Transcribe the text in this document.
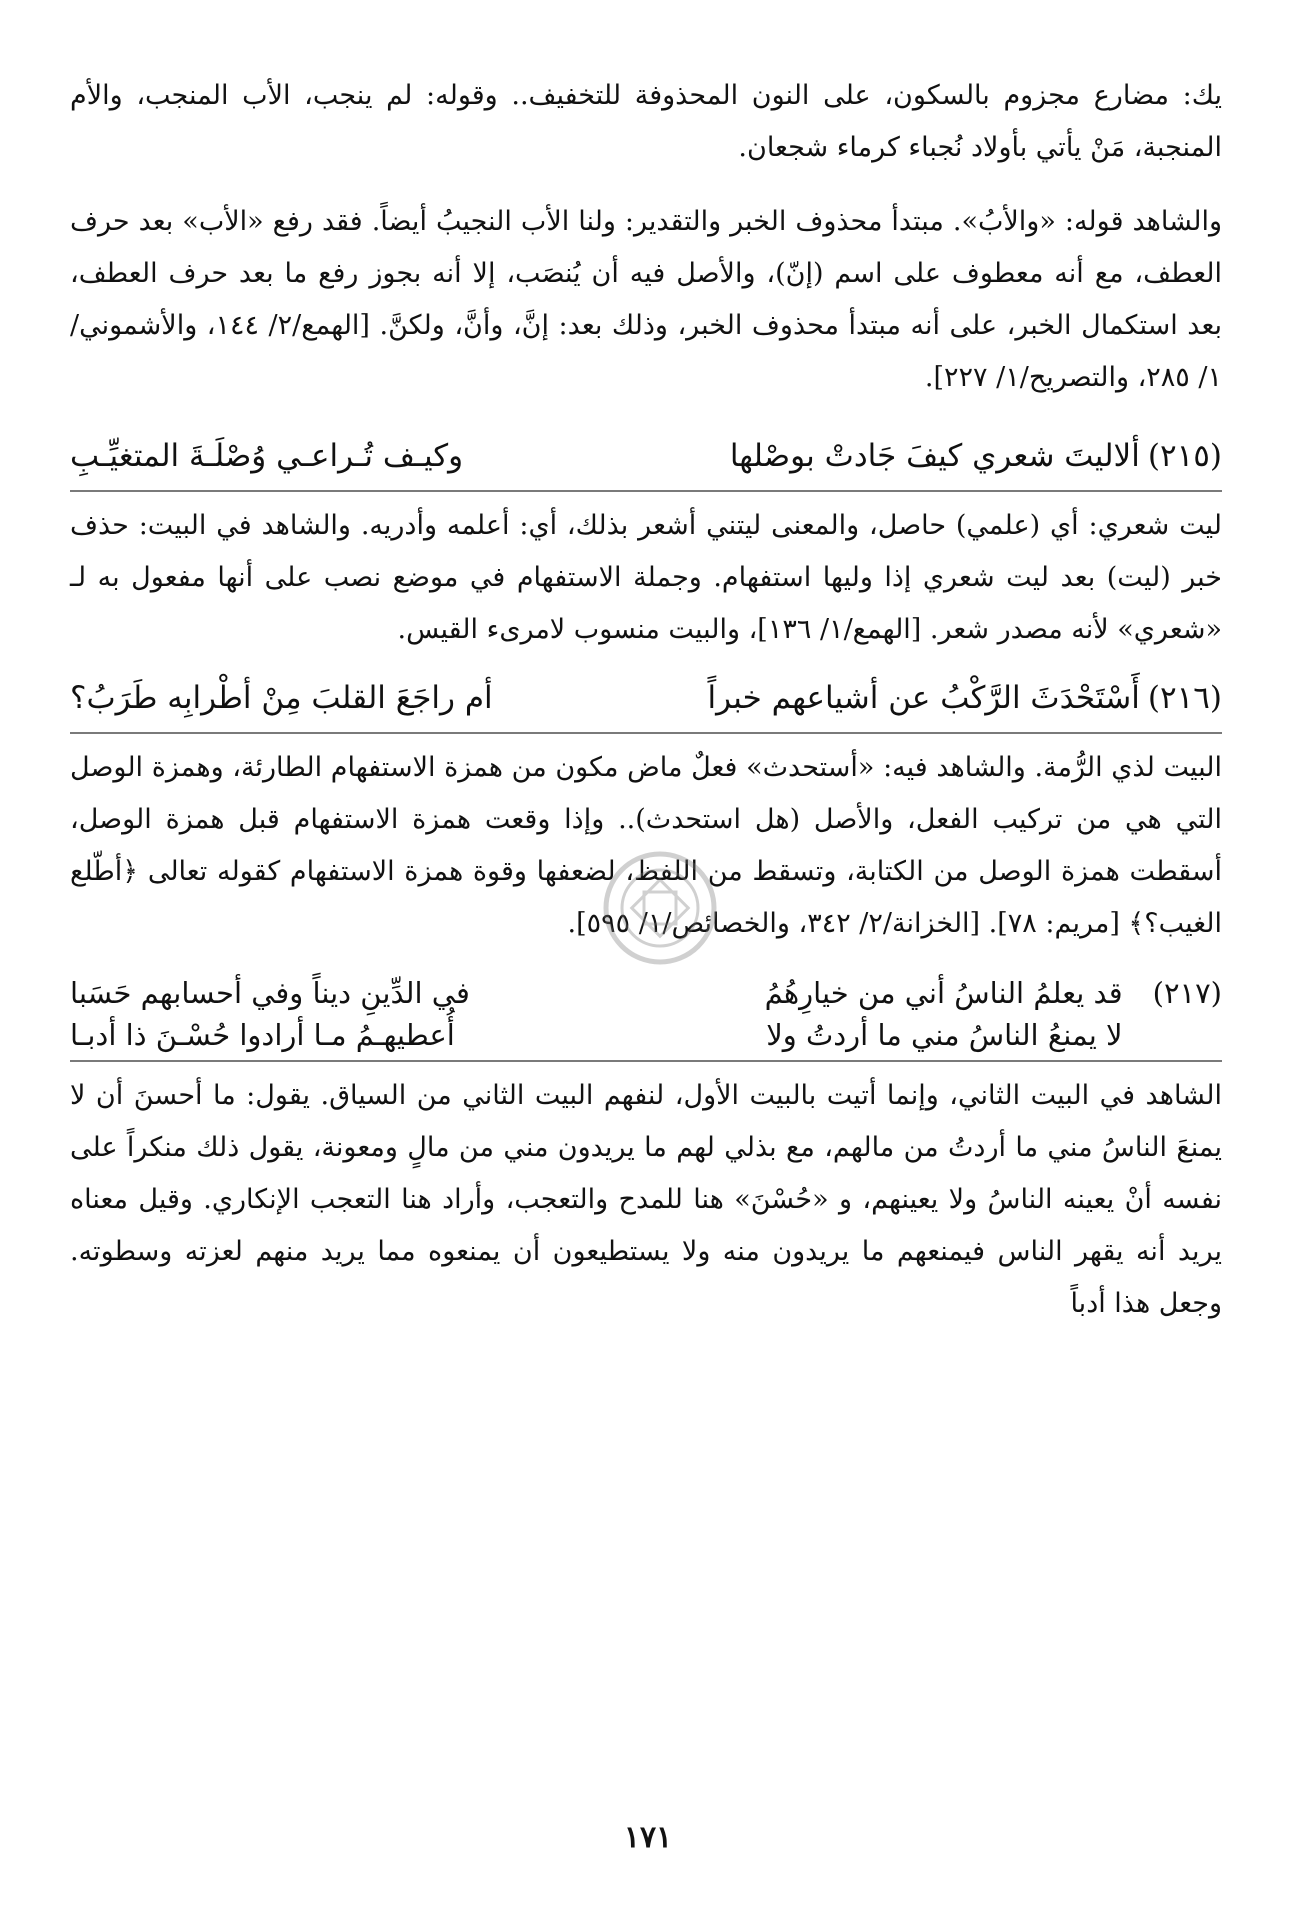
يك: مضارع مجزوم بالسكون، على النون المحذوفة للتخفيف.. وقوله: لم ينجب، الأب المنجب، والأم المنجبة، مَنْ يأتي بأولاد نُجباء كرماء شجعان.

والشاهد قوله: «والأبُ». مبتدأ محذوف الخبر والتقدير: ولنا الأب النجيبُ أيضاً. فقد رفع «الأب» بعد حرف العطف، مع أنه معطوف على اسم (إنّ)، والأصل فيه أن يُنصَب، إلا أنه بجوز رفع ما بعد حرف العطف، بعد استكمال الخبر، على أنه مبتدأ محذوف الخبر، وذلك بعد: إنَّ، وأنَّ، ولكنَّ. [الهمع/٢/ ١٤٤، والأشموني/١/ ٢٨٥، والتصريح/١/ ٢٢٧].

(٢١٥)
ألاليتَ شعري كيفَ جَادتْ بوصْلها
وكيـف تُـراعـي وُصْلَـةَ المتغيِّـبِ

ليت شعري: أي (علمي) حاصل، والمعنى ليتني أشعر بذلك، أي: أعلمه وأدريه. والشاهد في البيت: حذف خبر (ليت) بعد ليت شعري إذا وليها استفهام. وجملة الاستفهام في موضع نصب على أنها مفعول به لـ «شعري» لأنه مصدر شعر. [الهمع/١/ ١٣٦]، والبيت منسوب لامرىء القيس.

(٢١٦)
أَسْتَحْدَثَ الرَّكْبُ عن أشياعهم خبراً
أم راجَعَ القلبَ مِنْ أطْرابِه طَرَبُ؟

البيت لذي الرُّمة. والشاهد فيه: «أستحدث» فعلٌ ماض مكون من همزة الاستفهام الطارئة، وهمزة الوصل التي هي من تركيب الفعل، والأصل (هل استحدث).. وإذا وقعت همزة الاستفهام قبل همزة الوصل، أسقطت همزة الوصل من الكتابة، وتسقط من اللفظ، لضعفها وقوة همزة الاستفهام كقوله تعالى ﴿أطّلع الغيب؟﴾ [مريم: ٧٨]. [الخزانة/٢/ ٣٤٢، والخصائص/١/ ٥٩٥].

(٢١٧)
قد يعلمُ الناسُ أني من خيارِهُمُ
في الدِّينِ ديناً وفي أحسابهم حَسَبا
لا يمنعُ الناسُ مني ما أردتُ ولا
أُعطيهـمُ مـا أرادوا حُسْـنَ ذا أدبـا

الشاهد في البيت الثاني، وإنما أتيت بالبيت الأول، لنفهم البيت الثاني من السياق. يقول: ما أحسنَ أن لا يمنعَ الناسُ مني ما أردتُ من مالهم، مع بذلي لهم ما يريدون مني من مالٍ ومعونة، يقول ذلك منكراً على نفسه أنْ يعينه الناسُ ولا يعينهم، و «حُسْنَ» هنا للمدح والتعجب، وأراد هنا التعجب الإنكاري. وقيل معناه يريد أنه يقهر الناس فيمنعهم ما يريدون منه ولا يستطيعون أن يمنعوه مما يريد منهم لعزته وسطوته. وجعل هذا أدباً

١٧١
